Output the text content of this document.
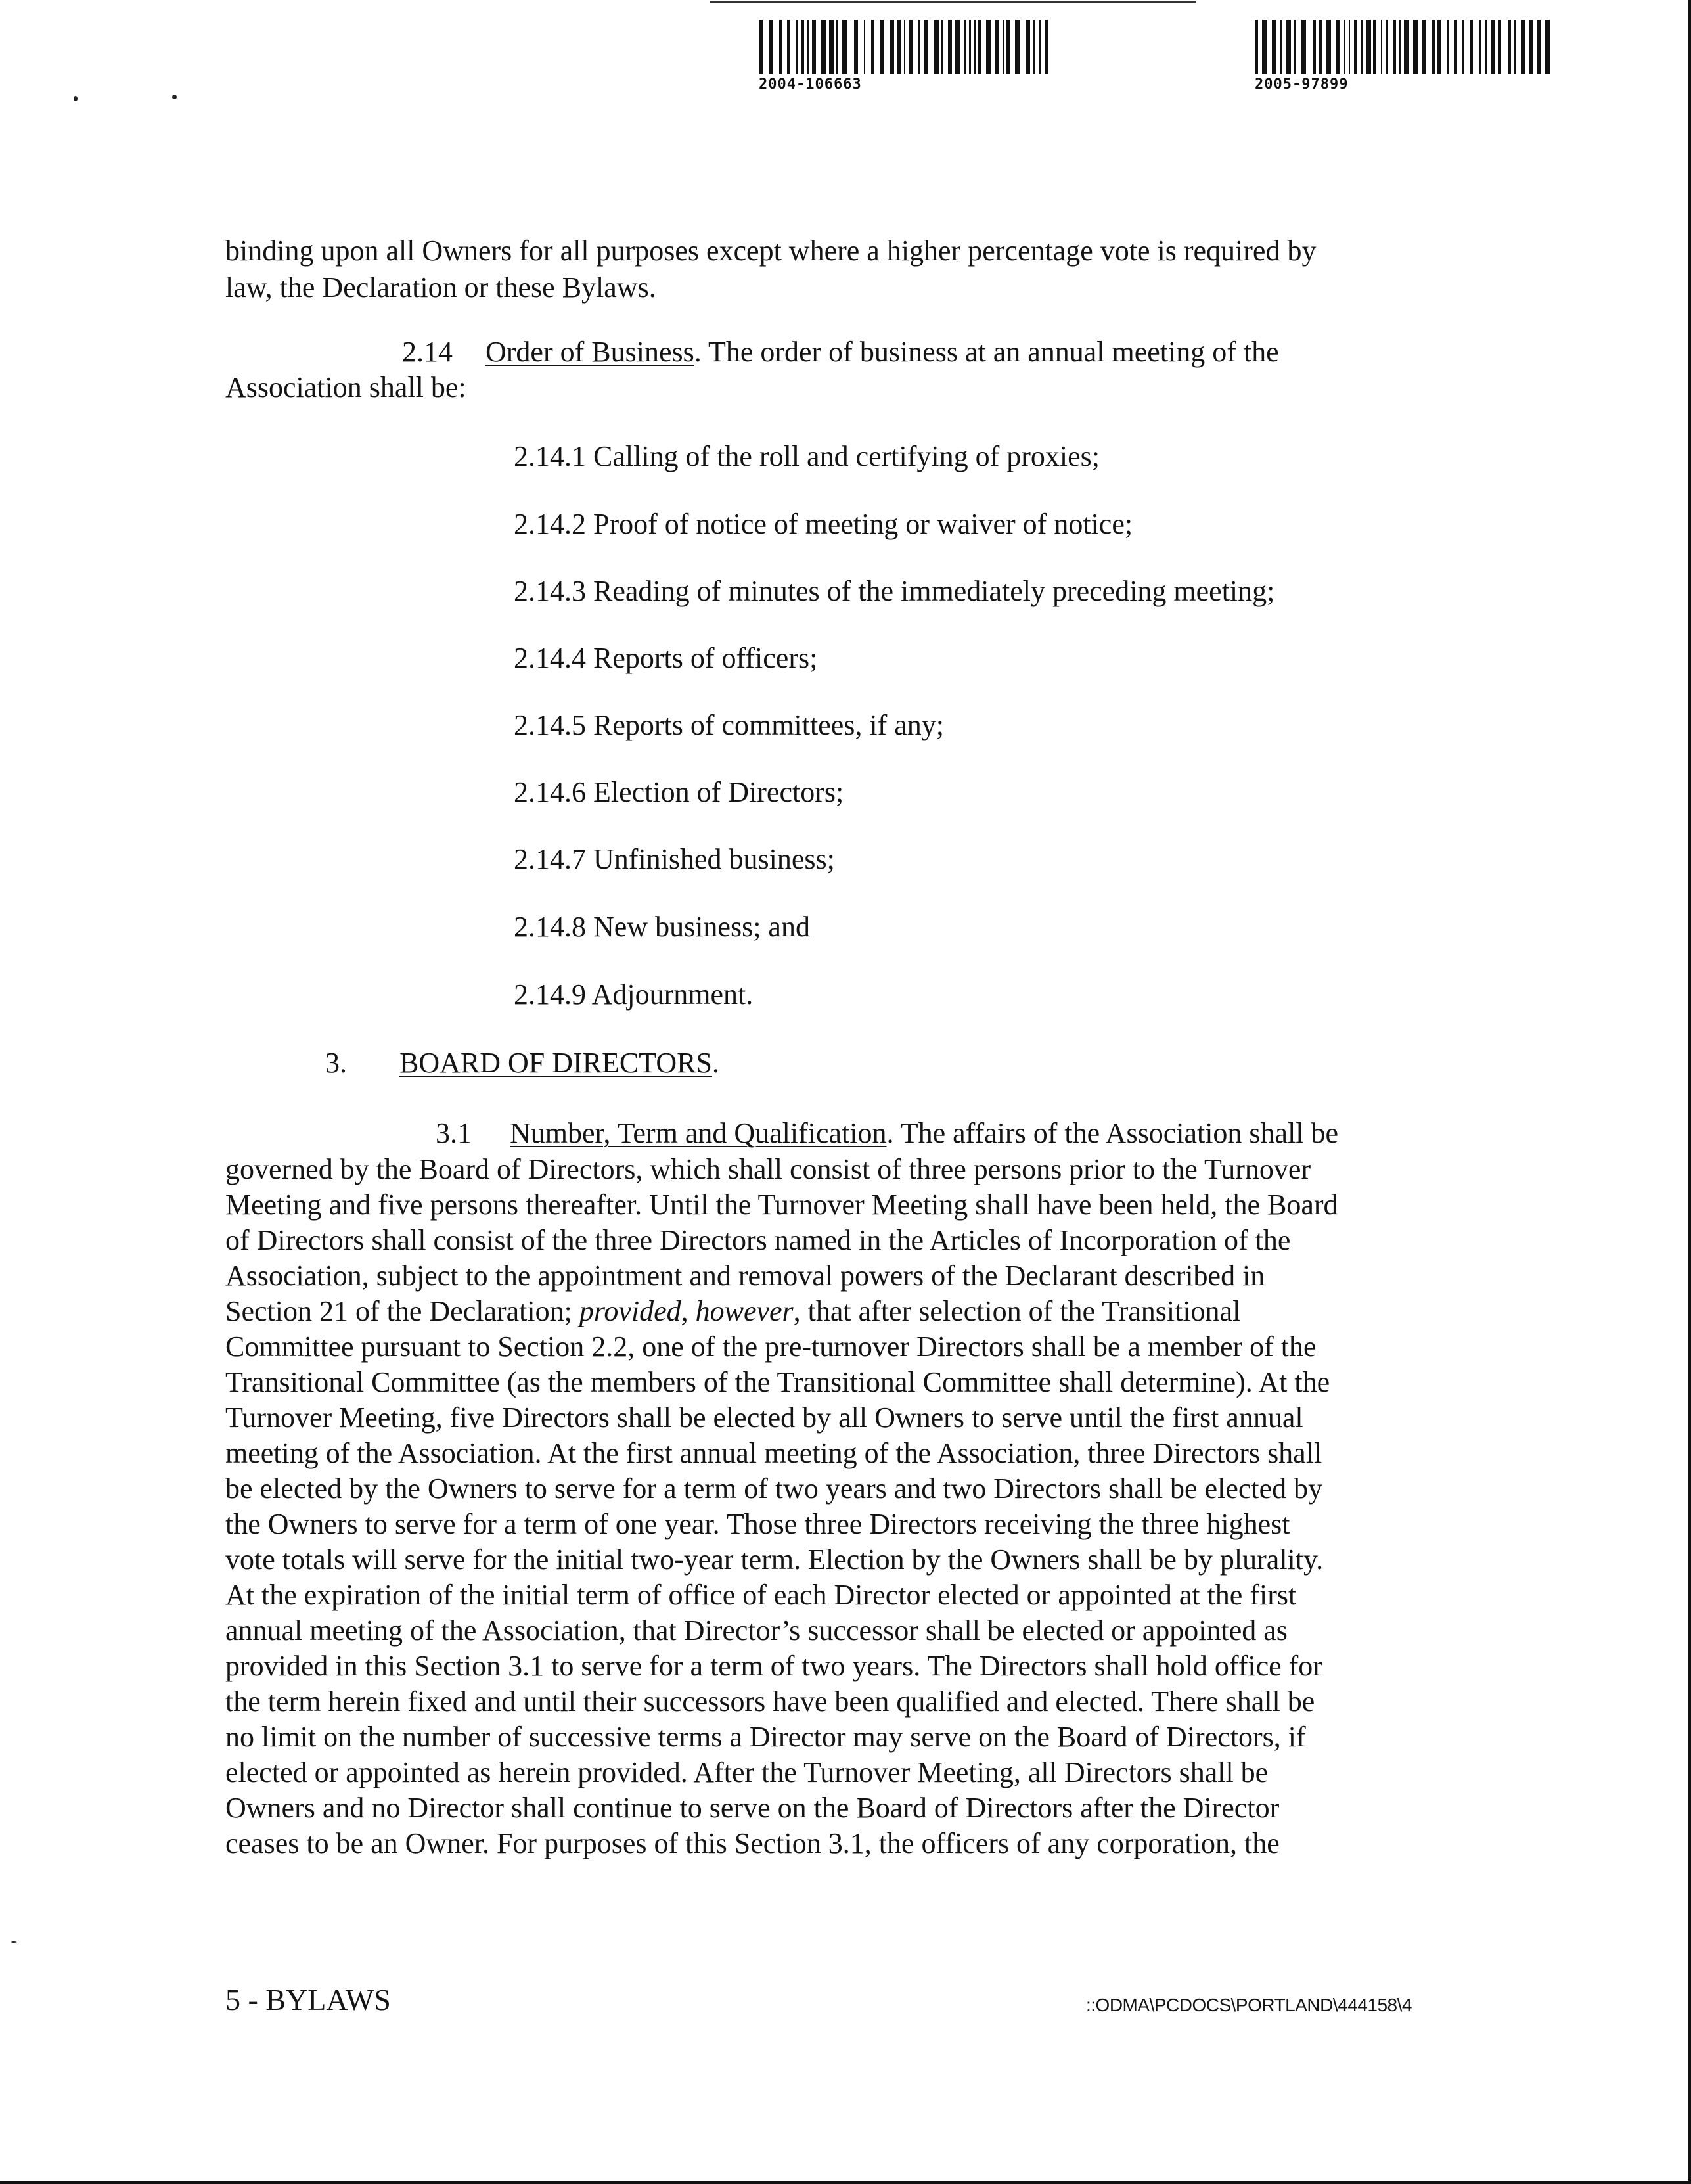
2004-106663	2005-97899
binding upon all Owners for all purposes except where a higher percentage vote is required by
law, the Declaration or these Bylaws.
2.14 Order of Business. The order of business at an annual meeting of the
Association shall be:
2.14.1 Calling of the roll and certifying of proxies;
2.14.2 Proof of notice of meeting or waiver of notice;
2.14.3 Reading of minutes of the immediately preceding meeting;
2.14.4 Reports of officers;
2.14.5 Reports of committees, if any;
2.14.6 Election of Directors;
2.14.7 Unfinished business;
2.14.8 New business; and
2.14.9 Adjournment.
3. BOARD OF DIRECTORS.
3.1 Number, Term and Qualification. The affairs of the Association shall be
governed by the Board of Directors, which shall consist of three persons prior to the Turnover
Meeting and five persons thereafter. Until the Turnover Meeting shall have been held, the Board
of Directors shall consist of the three Directors named in the Articles of Incorporation of the
Association, subject to the appointment and removal powers of the Declarant described in
Section 21 of the Declaration; provided, however, that after selection of the Transitional
Committee pursuant to Section 2.2, one of the pre-turnover Directors shall be a member of the
Transitional Committee (as the members of the Transitional Committee shall determine). At the
Turnover Meeting, five Directors shall be elected by all Owners to serve until the first annual
meeting of the Association. At the first annual meeting of the Association, three Directors shall
be elected by the Owners to serve for a term of two years and two Directors shall be elected by
the Owners to serve for a term of one year. Those three Directors receiving the three highest
vote totals will serve for the initial two-year term. Election by the Owners shall be by plurality.
At the expiration of the initial term of office of each Director elected or appointed at the first
annual meeting of the Association, that Director’s successor shall be elected or appointed as
provided in this Section 3.1 to serve for a term of two years. The Directors shall hold office for
the term herein fixed and until their successors have been qualified and elected. There shall be
no limit on the number of successive terms a Director may serve on the Board of Directors, if
elected or appointed as herein provided. After the Turnover Meeting, all Directors shall be
Owners and no Director shall continue to serve on the Board of Directors after the Director
ceases to be an Owner. For purposes of this Section 3.1, the officers of any corporation, the
5 - BYLAWS	::ODMA\PCDOCS\PORTLAND\444158\4
